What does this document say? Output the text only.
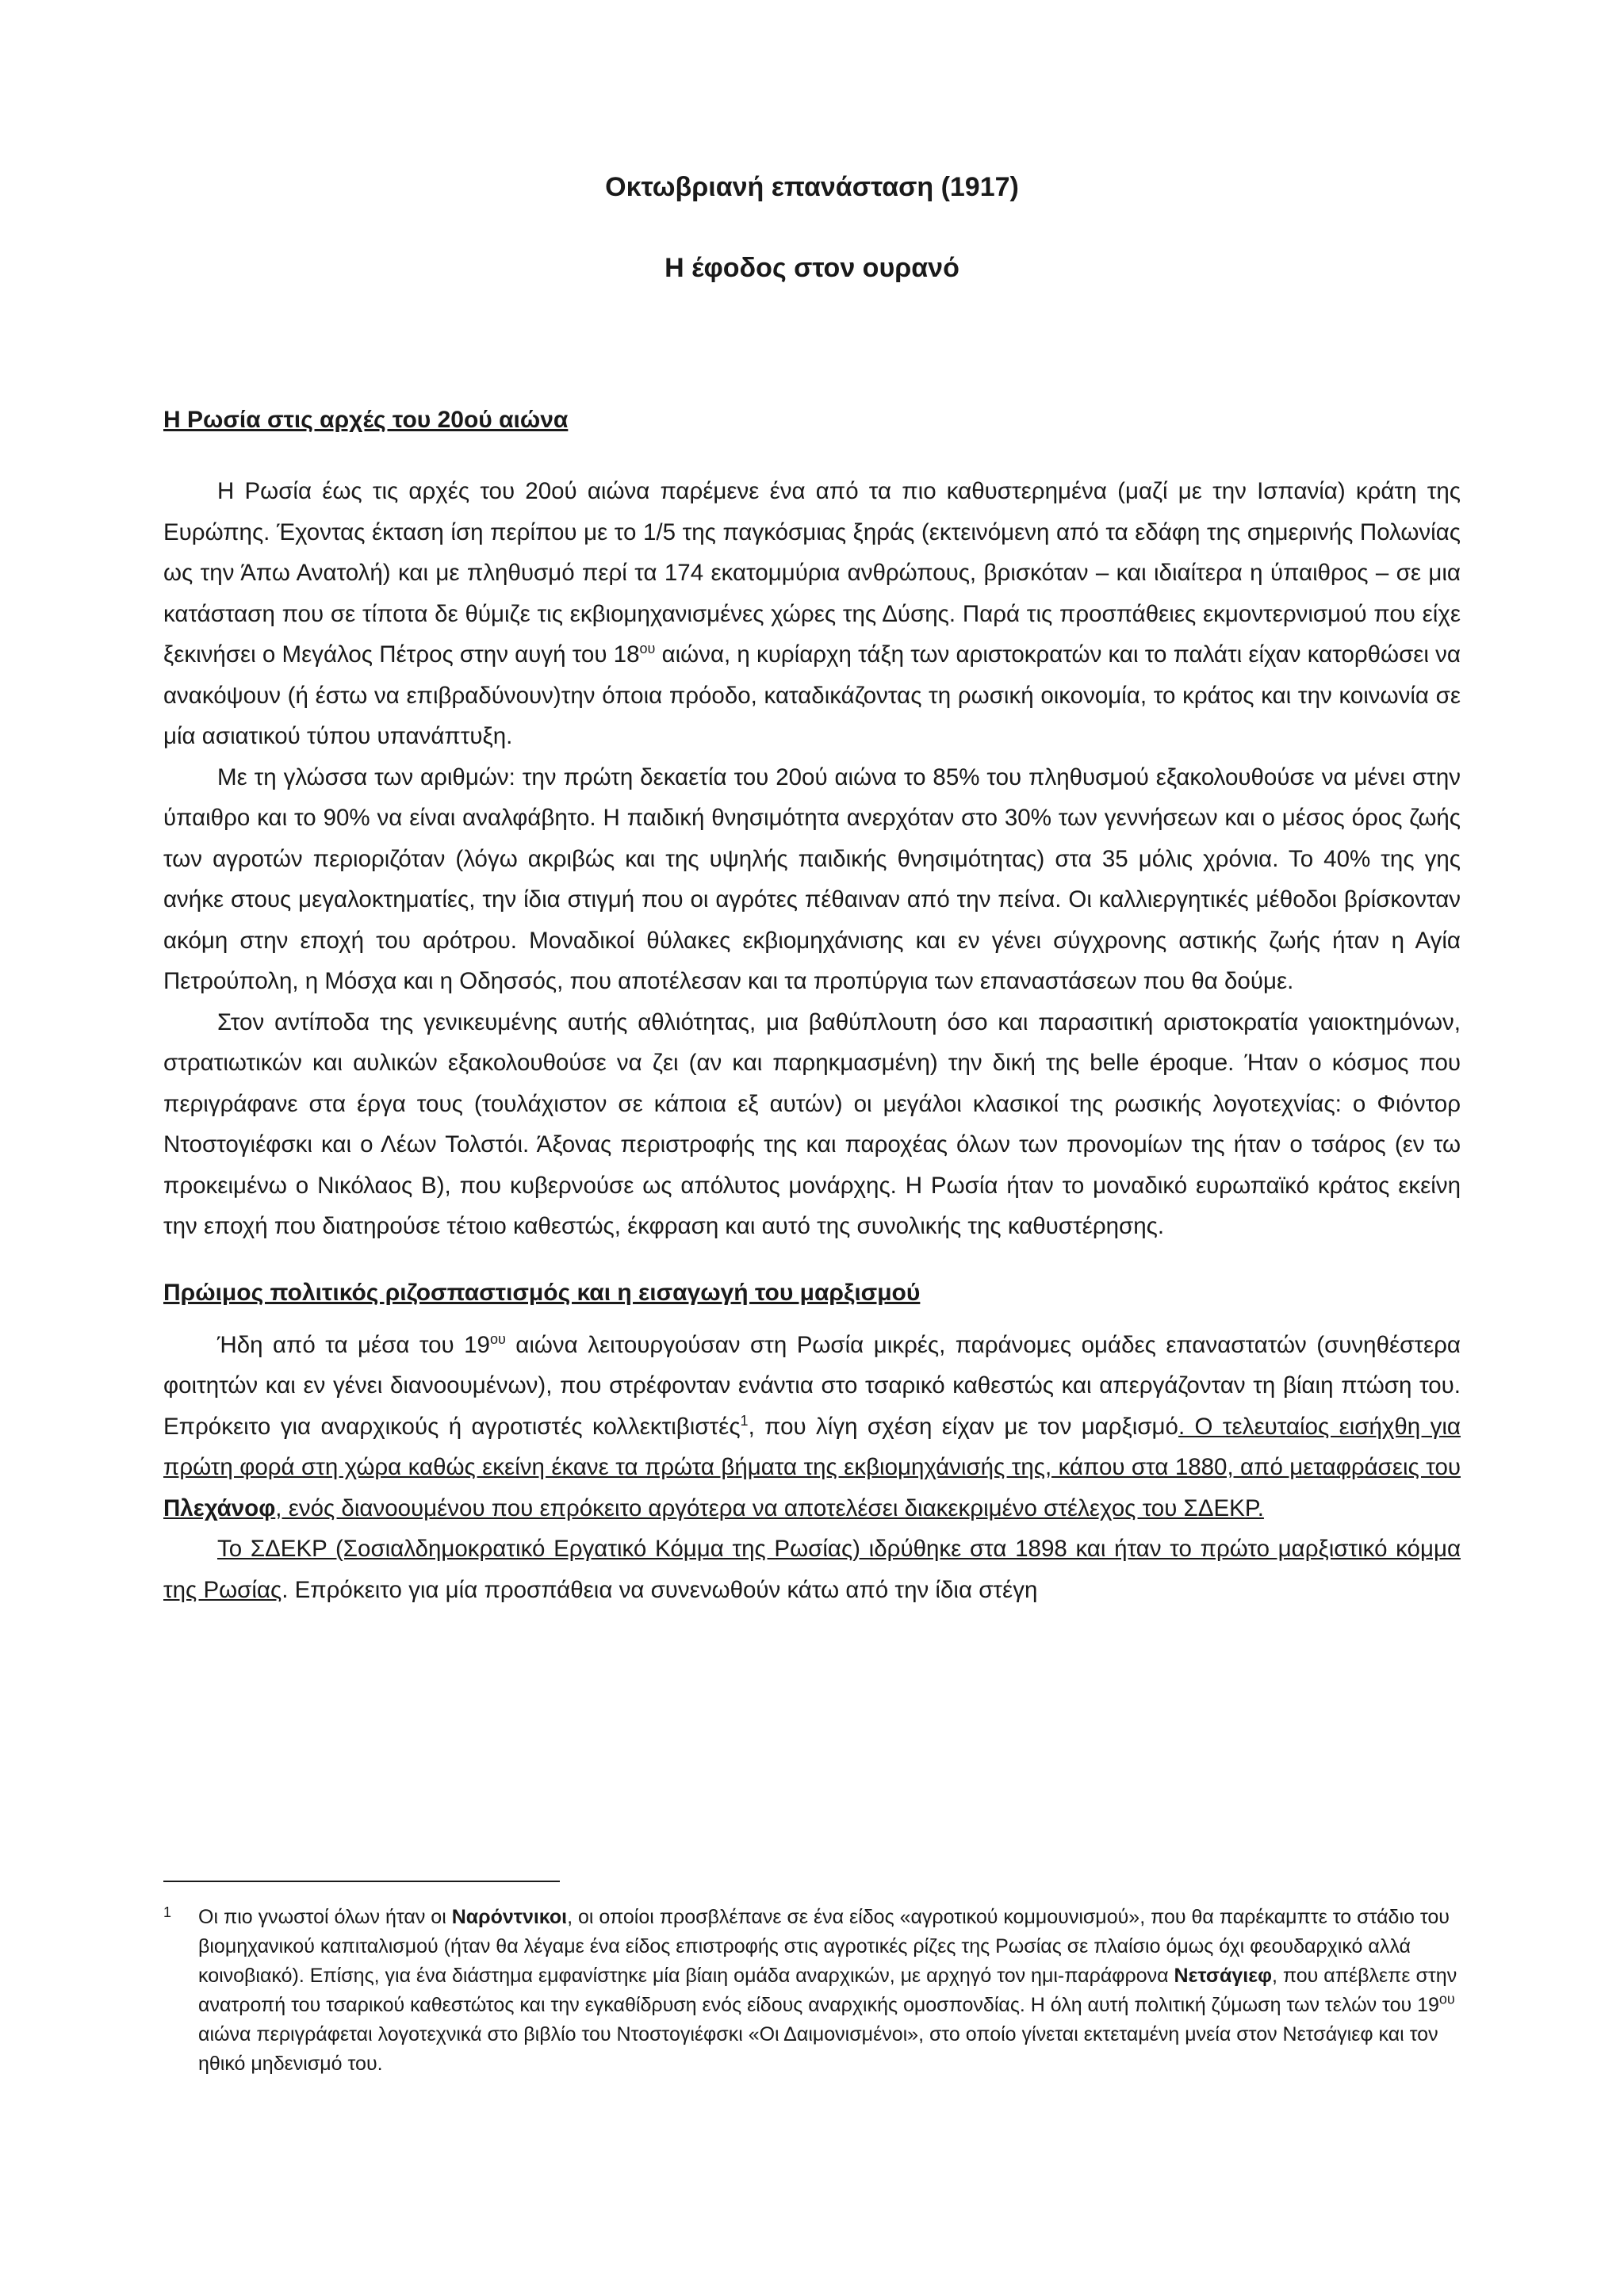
Οκτωβριανή επανάσταση (1917)
Η έφοδος στον ουρανό
Η Ρωσία στις αρχές του 20ού αιώνα

Η Ρωσία έως τις αρχές του 20ού αιώνα παρέμενε ένα από τα πιο καθυστερημένα (μαζί με την Ισπανία) κράτη της Ευρώπης. Έχοντας έκταση ίση περίπου με το 1/5 της παγκόσμιας ξηράς (εκτεινόμενη από τα εδάφη της σημερινής Πολωνίας ως την Άπω Ανατολή) και με πληθυσμό περί τα 174 εκατομμύρια ανθρώπους, βρισκόταν – και ιδιαίτερα η ύπαιθρος – σε μια κατάσταση που σε τίποτα δε θύμιζε τις εκβιομηχανισμένες χώρες της Δύσης. Παρά τις προσπάθειες εκμοντερνισμού που είχε ξεκινήσει ο Μεγάλος Πέτρος στην αυγή του $18^{o\upsilon}$ αιώνα, η κυρίαρχη τάξη των αριστοκρατών και το παλάτι είχαν κατορθώσει να ανακόψουν (ή έστω να επιβραδύνουν)την όποια πρόοδο, καταδικάζοντας τη ρωσική οικονομία, το κράτος και την κοινωνία σε μία ασιατικού τύπου υπανάπτυξη.

Με τη γλώσσα των αριθμών: την πρώτη δεκαετία του 20ού αιώνα το 85% του πληθυσμού εξακολουθούσε να μένει στην ύπαιθρο και το 90% να είναι αναλφάβητο. Η παιδική θνησιμότητα ανερχόταν στο 30% των γεννήσεων και ο μέσος όρος ζωής των αγροτών περιοριζόταν (λόγω ακριβώς και της υψηλής παιδικής θνησιμότητας) στα 35 μόλις χρόνια. Το 40% της γης ανήκε στους μεγαλοκτηματίες, την ίδια στιγμή που οι αγρότες πέθαιναν από την πείνα. Οι καλλιεργητικές μέθοδοι βρίσκονταν ακόμη στην εποχή του αρότρου. Μοναδικοί θύλακες εκβιομηχάνισης και εν γένει σύγχρονης αστικής ζωής ήταν η Αγία Πετρούπολη, η Μόσχα και η Οδησσός, που αποτέλεσαν και τα προπύργια των επαναστάσεων που θα δούμε.

Στον αντίποδα της γενικευμένης αυτής αθλιότητας, μια βαθύπλουτη όσο και παρασιτική αριστοκρατία γαιοκτημόνων, στρατιωτικών και αυλικών εξακολουθούσε να ζει (αν και παρηκμασμένη) την δική της belle époque. Ήταν ο κόσμος που περιγράφανε στα έργα τους (τουλάχιστον σε κάποια εξ αυτών) οι μεγάλοι κλασικοί της ρωσικής λογοτεχνίας: ο Φιόντορ Ντοστογιέφσκι και ο Λέων Τολστόι. Άξονας περιστροφής της και παροχέας όλων των προνομίων της ήταν ο τσάρος (εν τω προκειμένω ο Νικόλαος Β), που κυβερνούσε ως απόλυτος μονάρχης. Η Ρωσία ήταν το μοναδικό ευρωπαϊκό κράτος εκείνη την εποχή που διατηρούσε τέτοιο καθεστώς, έκφραση και αυτό της συνολικής της καθυστέρησης.

Πρώιμος πολιτικός ριζοσπαστισμός και η εισαγωγή του μαρξισμού

Ήδη από τα μέσα του $19^{o\upsilon}$ αιώνα λειτουργούσαν στη Ρωσία μικρές, παράνομες ομάδες επαναστατών (συνηθέστερα φοιτητών και εν γένει διανοουμένων), που στρέφονταν ενάντια στο τσαρικό καθεστώς και απεργάζονταν τη βίαιη πτώση του. Επρόκειτο για αναρχικούς ή αγροτιστές κολλεκτιβιστές$^1$, που λίγη σχέση είχαν με τον μαρξισμό. Ο τελευταίος εισήχθη για πρώτη φορά στη χώρα καθώς εκείνη έκανε τα πρώτα βήματα της εκβιομηχάνισής της, κάπου στα 1880, από μεταφράσεις του Πλεχάνοφ, ενός διανοουμένου που επρόκειτο αργότερα να αποτελέσει διακεκριμένο στέλεχος του ΣΔΕΚΡ.

Το ΣΔΕΚΡ (Σοσιαλδημοκρατικό Εργατικό Κόμμα της Ρωσίας) ιδρύθηκε στα 1898 και ήταν το πρώτο μαρξιστικό κόμμα της Ρωσίας. Επρόκειτο για μία προσπάθεια να συνενωθούν κάτω από την ίδια στέγη

1 Οι πιο γνωστοί όλων ήταν οι Ναρόντνικοι, οι οποίοι προσβλέπανε σε ένα είδος «αγροτικού κομμουνισμού», που θα παρέκαμπτε το στάδιο του βιομηχανικού καπιταλισμού (ήταν θα λέγαμε ένα είδος επιστροφής στις αγροτικές ρίζες της Ρωσίας σε πλαίσιο όμως όχι φεουδαρχικό αλλά κοινοβιακό). Επίσης, για ένα διάστημα εμφανίστηκε μία βίαιη ομάδα αναρχικών, με αρχηγό τον ημι-παράφρονα Νετσάγιεφ, που απέβλεπε στην ανατροπή του τσαρικού καθεστώτος και την εγκαθίδρυση ενός είδους αναρχικής ομοσπονδίας. Η όλη αυτή πολιτική ζύμωση των τελών του $19^{o\upsilon}$ αιώνα περιγράφεται λογοτεχνικά στο βιβλίο του Ντοστογιέφσκι «Οι Δαιμονισμένοι», στο οποίο γίνεται εκτεταμένη μνεία στον Νετσάγιεφ και τον ηθικό μηδενισμό του.
